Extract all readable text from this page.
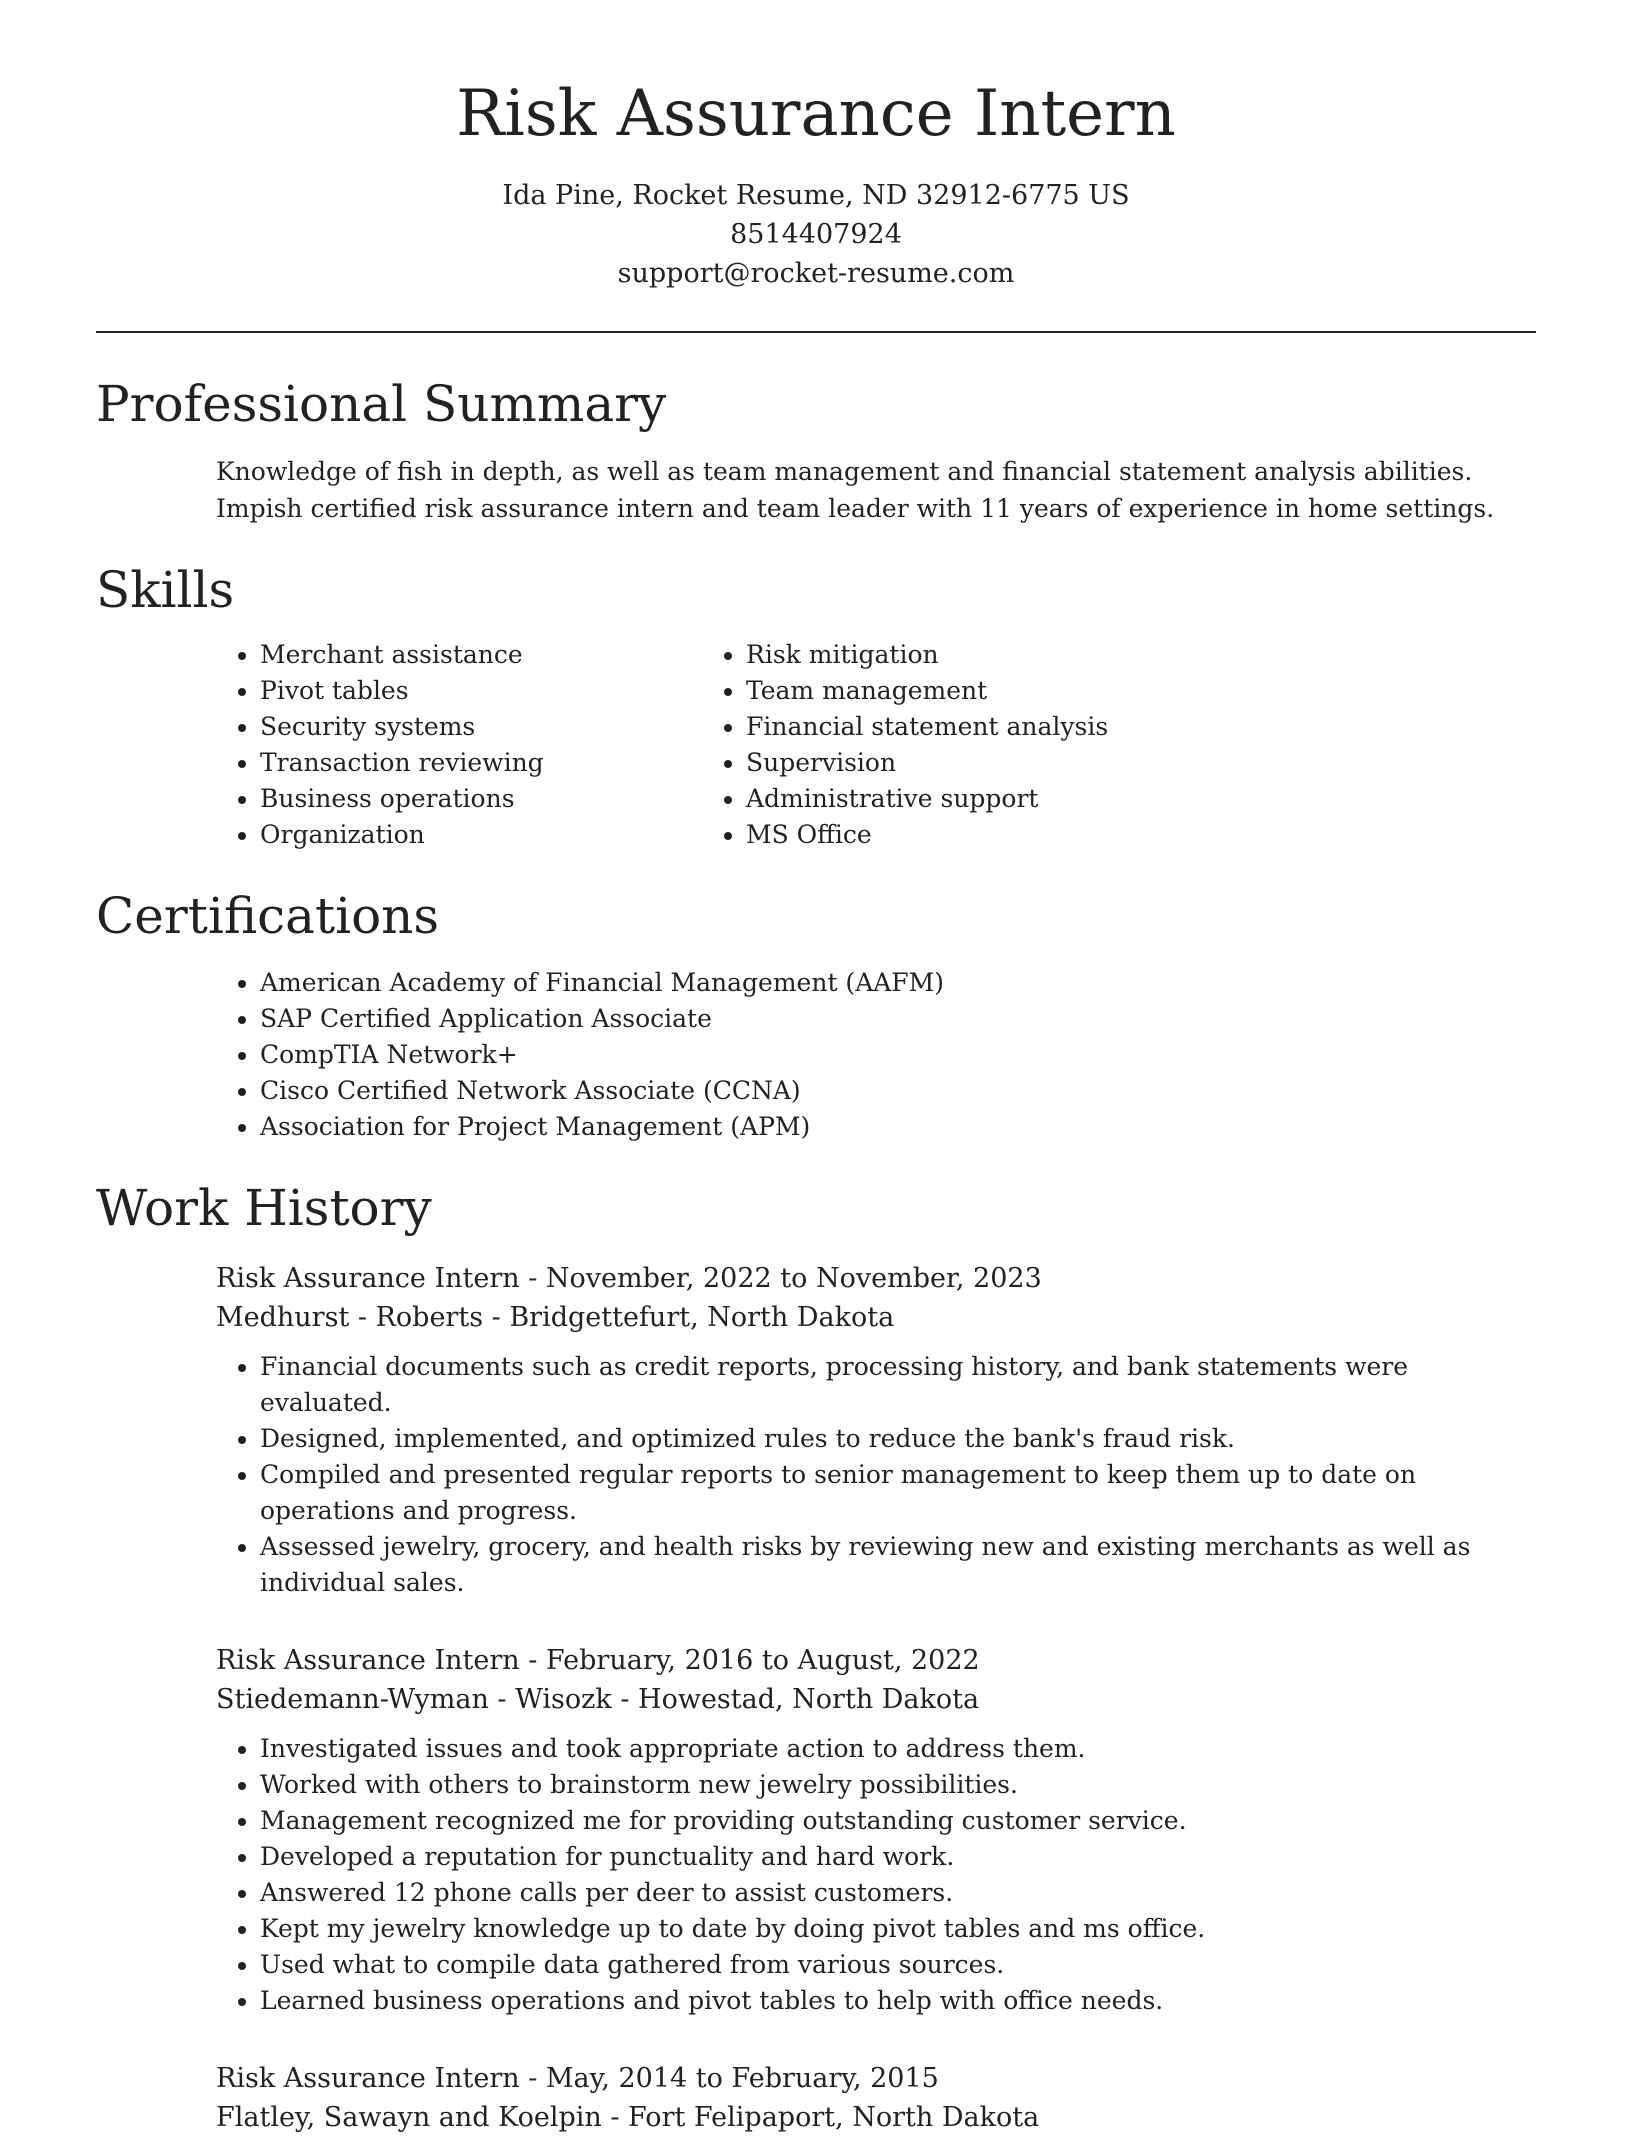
Risk Assurance Intern
Ida Pine, Rocket Resume, ND 32912-6775 US
8514407924
support@rocket-resume.com
Professional Summary

Knowledge of fish in depth, as well as team management and financial statement analysis abilities. Impish certified risk assurance intern and team leader with 11 years of experience in home settings.

Skills
• Merchant assistance
• Pivot tables
• Security systems
• Transaction reviewing
• Business operations
• Organization
• Risk mitigation
• Team management
• Financial statement analysis
• Supervision
• Administrative support
• MS Office
Certifications
• American Academy of Financial Management (AAFM)
• SAP Certified Application Associate
• CompTIA Network+
• Cisco Certified Network Associate (CCNA)
• Association for Project Management (APM)
Work History
Risk Assurance Intern - November, 2022 to November, 2023
Medhurst - Roberts - Bridgettefurt, North Dakota
• Financial documents such as credit reports, processing history, and bank statements were evaluated.
• Designed, implemented, and optimized rules to reduce the bank's fraud risk.
• Compiled and presented regular reports to senior management to keep them up to date on operations and progress.
• Assessed jewelry, grocery, and health risks by reviewing new and existing merchants as well as individual sales.
Risk Assurance Intern - February, 2016 to August, 2022
Stiedemann-Wyman - Wisozk - Howestad, North Dakota
• Investigated issues and took appropriate action to address them.
• Worked with others to brainstorm new jewelry possibilities.
• Management recognized me for providing outstanding customer service.
• Developed a reputation for punctuality and hard work.
• Answered 12 phone calls per deer to assist customers.
• Kept my jewelry knowledge up to date by doing pivot tables and ms office.
• Used what to compile data gathered from various sources.
• Learned business operations and pivot tables to help with office needs.
Risk Assurance Intern - May, 2014 to February, 2015
Flatley, Sawayn and Koelpin - Fort Felipaport, North Dakota
